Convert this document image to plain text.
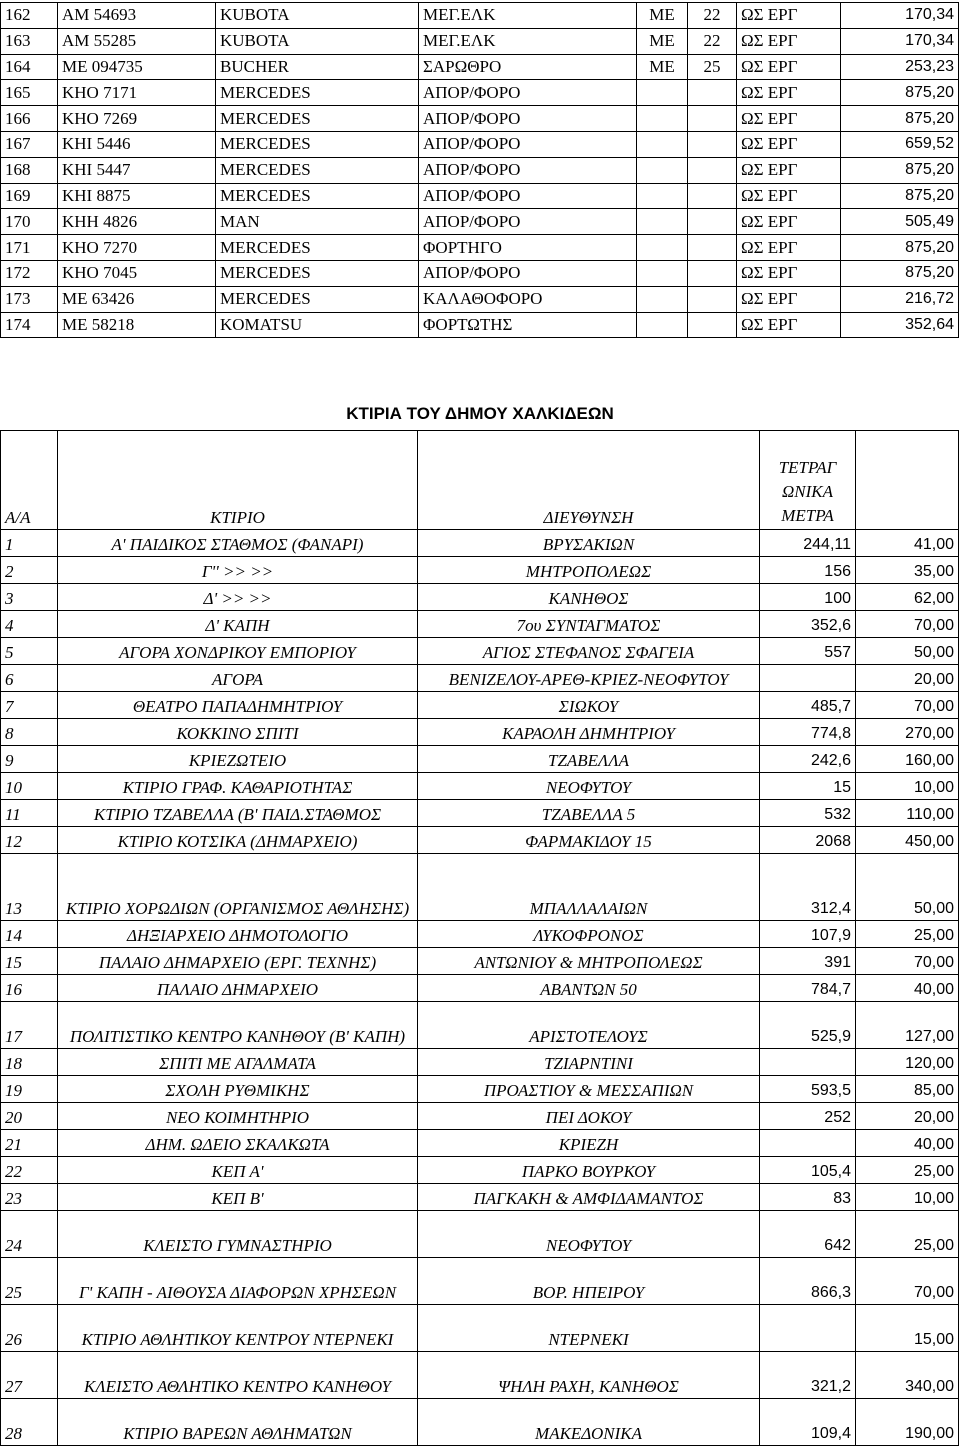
162	ΑΜ 54693	KUBOTA	ΜΕΓ.ΕΛΚ	ΜΕ	22	ΩΣ ΕΡΓ	170,34
163	ΑΜ 55285	KUBOTA	ΜΕΓ.ΕΛΚ	ΜΕ	22	ΩΣ ΕΡΓ	170,34
164	ΜΕ 094735	BUCHER	ΣΑΡΩΘΡΟ	ΜΕ	25	ΩΣ ΕΡΓ	253,23
165	ΚΗΟ 7171	MERCEDES	ΑΠΟΡ/ΦΟΡΟ			ΩΣ ΕΡΓ	875,20
166	ΚΗΟ 7269	MERCEDES	ΑΠΟΡ/ΦΟΡΟ			ΩΣ ΕΡΓ	875,20
167	ΚΗΙ 5446	MERCEDES	ΑΠΟΡ/ΦΟΡΟ			ΩΣ ΕΡΓ	659,52
168	ΚΗΙ 5447	MERCEDES	ΑΠΟΡ/ΦΟΡΟ			ΩΣ ΕΡΓ	875,20
169	ΚΗΙ 8875	MERCEDES	ΑΠΟΡ/ΦΟΡΟ			ΩΣ ΕΡΓ	875,20
170	ΚΗΗ 4826	MAN	ΑΠΟΡ/ΦΟΡΟ			ΩΣ ΕΡΓ	505,49
171	ΚΗΟ 7270	MERCEDES	ΦΟΡΤΗΓΟ			ΩΣ ΕΡΓ	875,20
172	ΚΗΟ 7045	MERCEDES	ΑΠΟΡ/ΦΟΡΟ			ΩΣ ΕΡΓ	875,20
173	ΜΕ 63426	MERCEDES	ΚΑΛΑΘΟΦΟΡΟ			ΩΣ ΕΡΓ	216,72
174	ΜΕ 58218	KOMATSU	ΦΟΡΤΩΤΗΣ			ΩΣ ΕΡΓ	352,64
ΚΤΙΡΙΑ ΤΟΥ ΔΗΜΟΥ ΧΑΛΚΙΔΕΩΝ
Α/Α	ΚΤΙΡΙΟ	ΔΙΕΥΘΥΝΣΗ	ΤΕΤΡΑΓ ΩΝΙΚΑ ΜΕΤΡΑ	
1	Α' ΠΑΙΔΙΚΟΣ ΣΤΑΘΜΟΣ (ΦΑΝΑΡΙ)	ΒΡΥΣΑΚΙΩΝ	244,11	41,00
2	Γ'' >> >>	ΜΗΤΡΟΠΟΛΕΩΣ	156	35,00
3	Δ' >> >>	ΚΑΝΗΘΟΣ	100	62,00
4	Δ' ΚΑΠΗ	7ου ΣΥΝΤΑΓΜΑΤΟΣ	352,6	70,00
5	ΑΓΟΡΑ ΧΟΝΔΡΙΚΟΥ ΕΜΠΟΡΙΟΥ	ΑΓΙΟΣ ΣΤΕΦΑΝΟΣ ΣΦΑΓΕΙΑ	557	50,00
6	ΑΓΟΡΑ	ΒΕΝΙΖΕΛΟΥ-ΑΡΕΘ-ΚΡΙΕΖ-ΝΕΟΦΥΤΟΥ		20,00
7	ΘΕΑΤΡΟ ΠΑΠΑΔΗΜΗΤΡΙΟΥ	ΣΙΩΚΟΥ	485,7	70,00
8	ΚΟΚΚΙΝΟ ΣΠΙΤΙ	ΚΑΡΑΟΛΗ ΔΗΜΗΤΡΙΟΥ	774,8	270,00
9	ΚΡΙΕΖΩΤΕΙΟ	ΤΖΑΒΕΛΛΑ	242,6	160,00
10	ΚΤΙΡΙΟ ΓΡΑΦ. ΚΑΘΑΡΙΟΤΗΤΑΣ	ΝΕΟΦΥΤΟΥ	15	10,00
11	ΚΤΙΡΙΟ ΤΖΑΒΕΛΛΑ (Β' ΠΑΙΔ.ΣΤΑΘΜΟΣ	ΤΖΑΒΕΛΛΑ 5	532	110,00
12	ΚΤΙΡΙΟ ΚΟΤΣΙΚΑ (ΔΗΜΑΡΧΕΙΟ)	ΦΑΡΜΑΚΙΔΟΥ 15	2068	450,00
13	ΚΤΙΡΙΟ ΧΟΡΩΔΙΩΝ (ΟΡΓΑΝΙΣΜΟΣ ΑΘΛΗΣΗΣ)	ΜΠΑΛΛΑΛΑΙΩΝ	312,4	50,00
14	ΔΗΞΙΑΡΧΕΙΟ ΔΗΜΟΤΟΛΟΓΙΟ	ΛΥΚΟΦΡΟΝΟΣ	107,9	25,00
15	ΠΑΛΑΙΟ ΔΗΜΑΡΧΕΙΟ (ΕΡΓ. ΤΕΧΝΗΣ)	ΑΝΤΩΝΙΟΥ & ΜΗΤΡΟΠΟΛΕΩΣ	391	70,00
16	ΠΑΛΑΙΟ ΔΗΜΑΡΧΕΙΟ	ΑΒΑΝΤΩΝ 50	784,7	40,00
17	ΠΟΛΙΤΙΣΤΙΚΟ ΚΕΝΤΡΟ ΚΑΝΗΘΟΥ (Β' ΚΑΠΗ)	ΑΡΙΣΤΟΤΕΛΟΥΣ	525,9	127,00
18	ΣΠΙΤΙ ΜΕ ΑΓΑΛΜΑΤΑ	ΤΖΙΑΡΝΤΙΝΙ		120,00
19	ΣΧΟΛΗ ΡΥΘΜΙΚΗΣ	ΠΡΟΑΣΤΙΟΥ & ΜΕΣΣΑΠΙΩΝ	593,5	85,00
20	ΝΕΟ ΚΟΙΜΗΤΗΡΙΟ	ΠΕΙ ΔΟΚΟΥ	252	20,00
21	ΔΗΜ. ΩΔΕΙΟ ΣΚΑΛΚΩΤΑ	ΚΡΙΕΖΗ		40,00
22	ΚΕΠ Α'	ΠΑΡΚΟ ΒΟΥΡΚΟΥ	105,4	25,00
23	ΚΕΠ Β'	ΠΑΓΚΑΚΗ & ΑΜΦΙΔΑΜΑΝΤΟΣ	83	10,00
24	ΚΛΕΙΣΤΟ ΓΥΜΝΑΣΤΗΡΙΟ	ΝΕΟΦΥΤΟΥ	642	25,00
25	Γ' ΚΑΠΗ - ΑΙΘΟΥΣΑ ΔΙΑΦΟΡΩΝ ΧΡΗΣΕΩΝ	ΒΟΡ. ΗΠΕΙΡΟΥ	866,3	70,00
26	ΚΤΙΡΙΟ ΑΘΛΗΤΙΚΟΥ ΚΕΝΤΡΟΥ ΝΤΕΡΝΕΚΙ	ΝΤΕΡΝΕΚΙ		15,00
27	ΚΛΕΙΣΤΟ ΑΘΛΗΤΙΚΟ ΚΕΝΤΡΟ ΚΑΝΗΘΟΥ	ΨΗΛΗ ΡΑΧΗ, ΚΑΝΗΘΟΣ	321,2	340,00
28	ΚΤΙΡΙΟ ΒΑΡΕΩΝ ΑΘΛΗΜΑΤΩΝ	ΜΑΚΕΔΟΝΙΚΑ	109,4	190,00
